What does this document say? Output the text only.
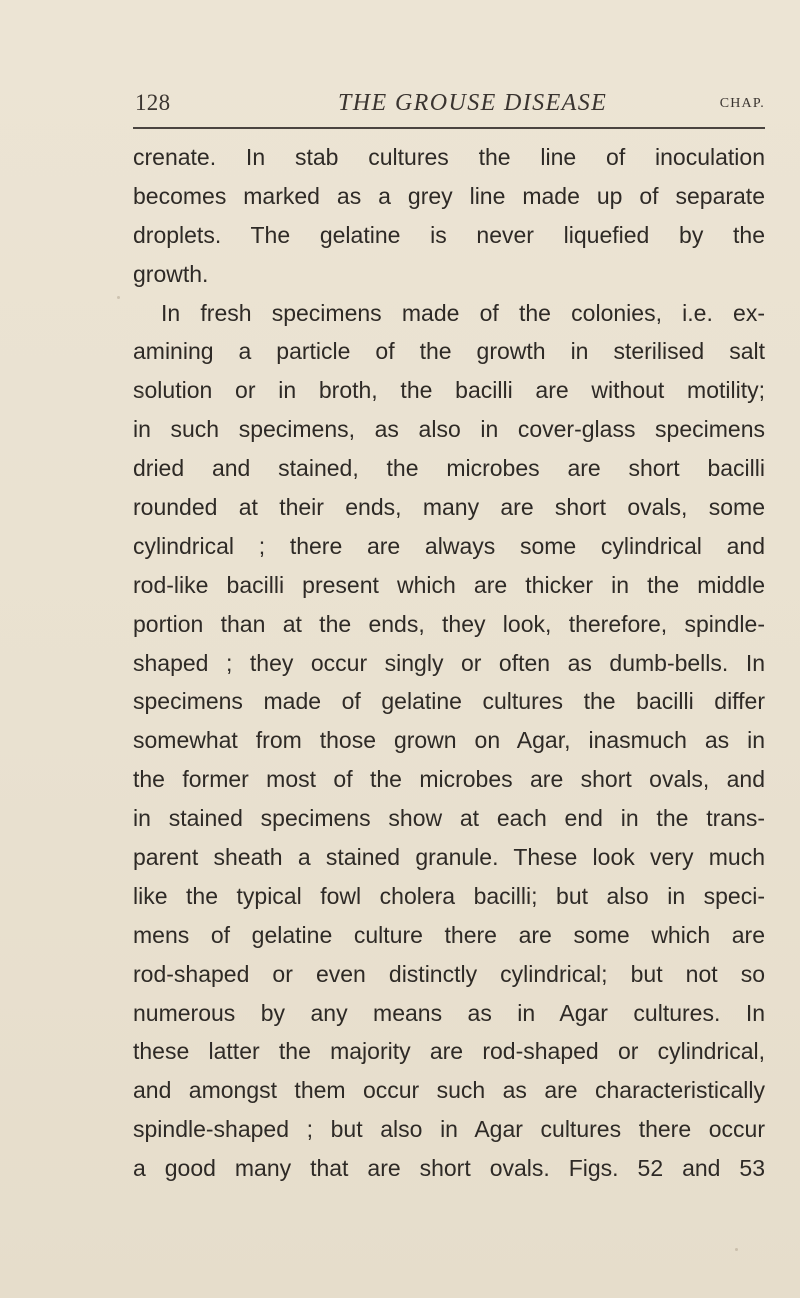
128	THE GROUSE DISEASE	CHAP.
crenate. In stab cultures the line of inoculation
becomes marked as a grey line made up of separate
droplets. The gelatine is never liquefied by the
growth.
In fresh specimens made of the colonies, i.e. ex-
amining a particle of the growth in sterilised salt
solution or in broth, the bacilli are without motility;
in such specimens, as also in cover-glass specimens
dried and stained, the microbes are short bacilli
rounded at their ends, many are short ovals, some
cylindrical ; there are always some cylindrical and
rod-like bacilli present which are thicker in the middle
portion than at the ends, they look, therefore, spindle-
shaped ; they occur singly or often as dumb-bells. In
specimens made of gelatine cultures the bacilli differ
somewhat from those grown on Agar, inasmuch as in
the former most of the microbes are short ovals, and
in stained specimens show at each end in the trans-
parent sheath a stained granule. These look very much
like the typical fowl cholera bacilli; but also in speci-
mens of gelatine culture there are some which are
rod-shaped or even distinctly cylindrical; but not so
numerous by any means as in Agar cultures. In
these latter the majority are rod-shaped or cylindrical,
and amongst them occur such as are characteristically
spindle-shaped ; but also in Agar cultures there occur
a good many that are short ovals. Figs. 52 and 53
